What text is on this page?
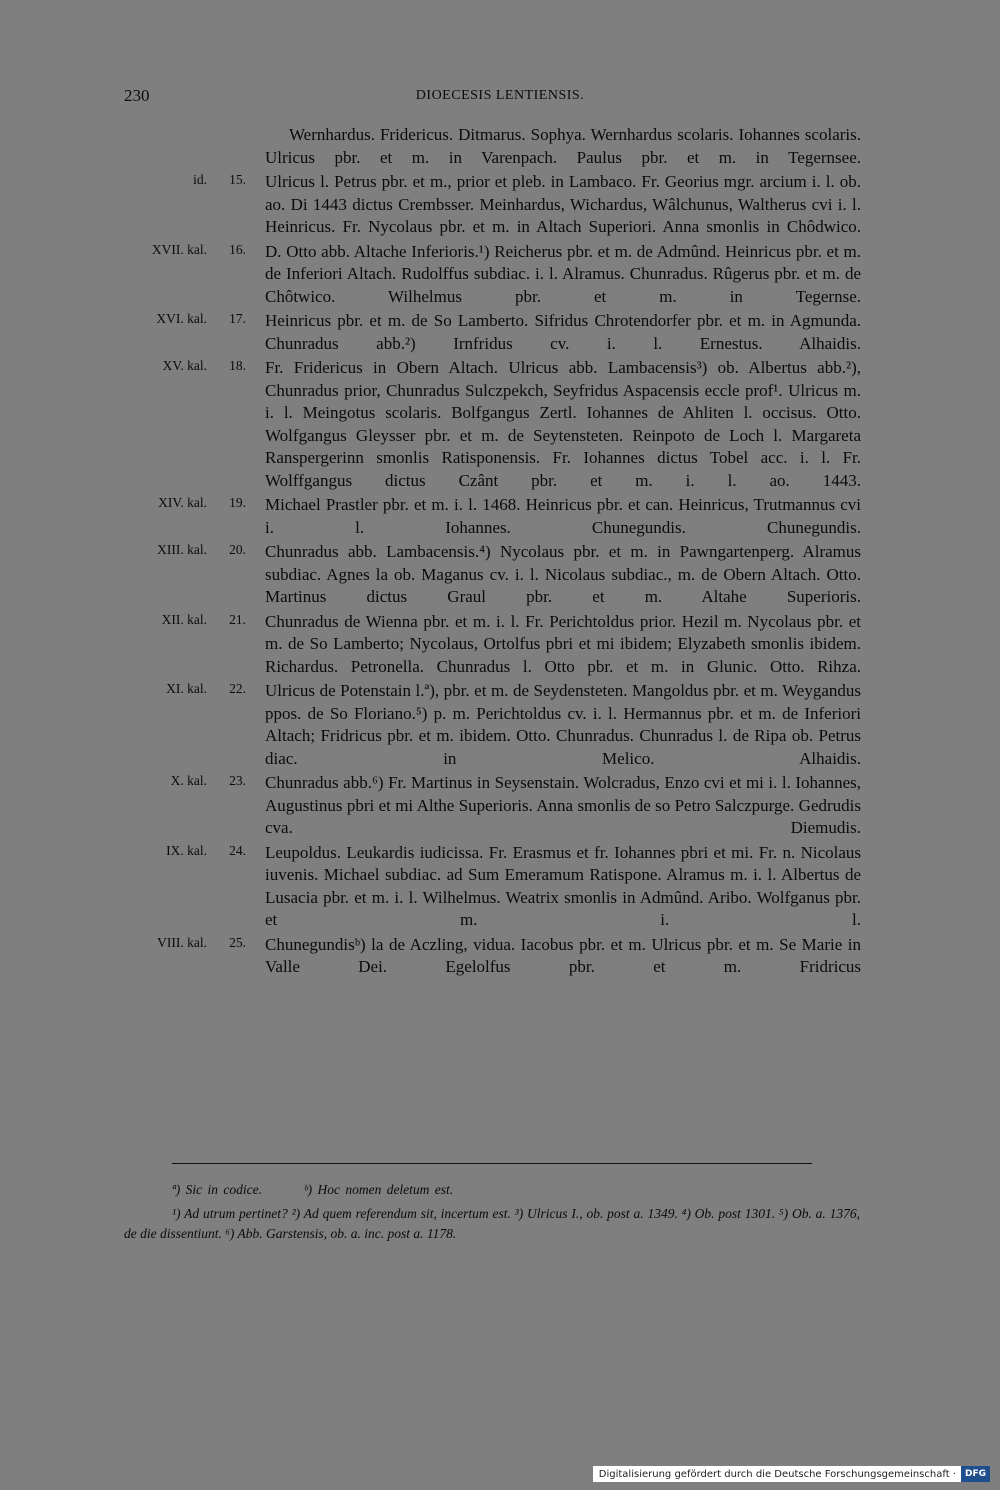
230	DIOECESIS LENTIENSIS.
Wernhardus. Fridericus. Ditmarus. Sophya. Wernhardus scolaris. Iohannes scolaris. Ulricus pbr. et m. in Varenpach. Paulus pbr. et m. in Tegernsee.
id. 15. Ulricus l. Petrus pbr. et m., prior et pleb. in Lambaco. Fr. Georius mgr. arcium i. l. ob. ao. Di 1443 dictus Crembsser. Meinhardus, Wichardus, Wâlchunus, Waltherus cvi i. l. Heinricus. Fr. Nycolaus pbr. et m. in Altach Superiori. Anna smonlis in Chôdwico.
XVII. kal. 16. D. Otto abb. Altache Inferioris.¹) Reicherus pbr. et m. de Admûnd. Heinricus pbr. et m. de Inferiori Altach. Rudolffus subdiac. i. l. Alramus. Chunradus. Rûgerus pbr. et m. de Chôtwico. Wilhelmus pbr. et m. in Tegernse.
XVI. kal. 17. Heinricus pbr. et m. de So Lamberto. Sifridus Chrotendorfer pbr. et m. in Agmunda. Chunradus abb.²) Irnfridus cv. i. l. Ernestus. Alhaidis.
XV. kal. 18. Fr. Fridericus in Obern Altach. Ulricus abb. Lambacensis³) ob. Albertus abb.²), Chunradus prior, Chunradus Sulczpekch, Seyfridus Aspacensis eccle prof¹. Ulricus m. i. l. Meingotus scolaris. Bolfgangus Zertl. Iohannes de Ahliten l. occisus. Otto. Wolfgangus Gleysser pbr. et m. de Seytensteten. Reinpoto de Loch l. Margareta Ranspergerinn smonlis Ratisponensis. Fr. Iohannes dictus Tobel acc. i. l. Fr. Wolffgangus dictus Czânt pbr. et m. i. l. ao. 1443.
XIV. kal. 19. Michael Prastler pbr. et m. i. l. 1468. Heinricus pbr. et can. Heinricus, Trutmannus cvi i. l. Iohannes. Chunegundis. Chunegundis.
XIII. kal. 20. Chunradus abb. Lambacensis.⁴) Nycolaus pbr. et m. in Pawngartenperg. Alramus subdiac. Agnes la ob. Maganus cv. i. l. Nicolaus subdiac., m. de Obern Altach. Otto. Martinus dictus Graul pbr. et m. Altahe Superioris.
XII. kal. 21. Chunradus de Wienna pbr. et m. i. l. Fr. Perichtoldus prior. Hezil m. Nycolaus pbr. et m. de So Lamberto; Nycolaus, Ortolfus pbri et mi ibidem; Elyzabeth smonlis ibidem. Richardus. Petronella. Chunradus l. Otto pbr. et m. in Glunic. Otto. Rihza.
XI. kal. 22. Ulricus de Potenstain l.ª), pbr. et m. de Seydensteten. Mangoldus pbr. et m. Weygandus ppos. de So Floriano.⁵) p. m. Perichtoldus cv. i. l. Hermannus pbr. et m. de Inferiori Altach; Fridricus pbr. et m. ibidem. Otto. Chunradus. Chunradus l. de Ripa ob. Petrus diac. in Melico. Alhaidis.
X. kal. 23. Chunradus abb.⁶) Fr. Martinus in Seysenstain. Wolcradus, Enzo cvi et mi i. l. Iohannes, Augustinus pbri et mi Althe Superioris. Anna smonlis de so Petro Salczpurge. Gedrudis cva. Diemudis.
IX. kal. 24. Leupoldus. Leukardis iudicissa. Fr. Erasmus et fr. Iohannes pbri et mi. Fr. n. Nicolaus iuvenis. Michael subdiac. ad Sum Emeramum Ratispone. Alramus m. i. l. Albertus de Lusacia pbr. et m. i. l. Wilhelmus. Weatrix smonlis in Admûnd. Aribo. Wolfganus pbr. et m. i. l.
VIII. kal. 25. Chunegundisᵇ) la de Aczling, vidua. Iacobus pbr. et m. Ulricus pbr. et m. Se Marie in Valle Dei. Egelolfus pbr. et m. Fridricus
ª) Sic in codice.	ᵇ) Hoc nomen deletum est.
¹) Ad utrum pertinet? ²) Ad quem referendum sit, incertum est. ³) Ulricus I., ob. post a. 1349. ⁴) Ob. post 1301. ⁵) Ob. a. 1376, de die dissentiunt. ⁶) Abb. Garstensis, ob. a. inc. post a. 1178.
Digitalisierung gefördert durch die Deutsche Forschungsgemeinschaft ·	DFG
